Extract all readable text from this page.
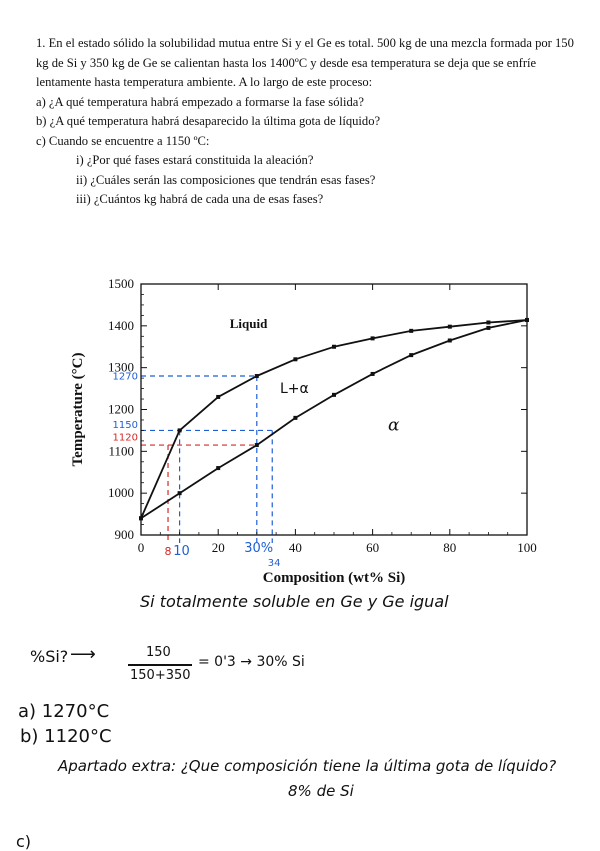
1. En el estado sólido la solubilidad mutua entre Si y el Ge es total. 500 kg de una mezcla formada por 150 kg de Si y 350 kg de Ge se calientan hasta los 1400ºC y desde esa temperatura se deja que se enfríe lentamente hasta temperatura ambiente. A lo largo de este proceso:

a) ¿A qué temperatura habrá empezado a formarse la fase sólida?

b) ¿A qué temperatura habrá desaparecido la última gota de líquido?

c) Cuando se encuentre a 1150 ºC:

i) ¿Por qué fases estará constituida la aleación?

ii) ¿Cuáles serán las composiciones que tendrán esas fases?

iii) ¿Cuántos kg habrá de cada una de esas fases?

0	20	40	60	80	100
900
1000
1100
1200
1300
1400
1500
Composition (wt% Si)
Temperature (°C)
Liquid
L+α
α
1270
1150
1120
8 10	30%
34
Si totalmente soluble en Ge y Ge igual
%Si? ⟶	150
150+350
= 0'3 → 30% Si
a) 1270°C
b) 1120°C
Apartado extra: ¿Que composición tiene la última gota de líquido?
8% de Si
c)
